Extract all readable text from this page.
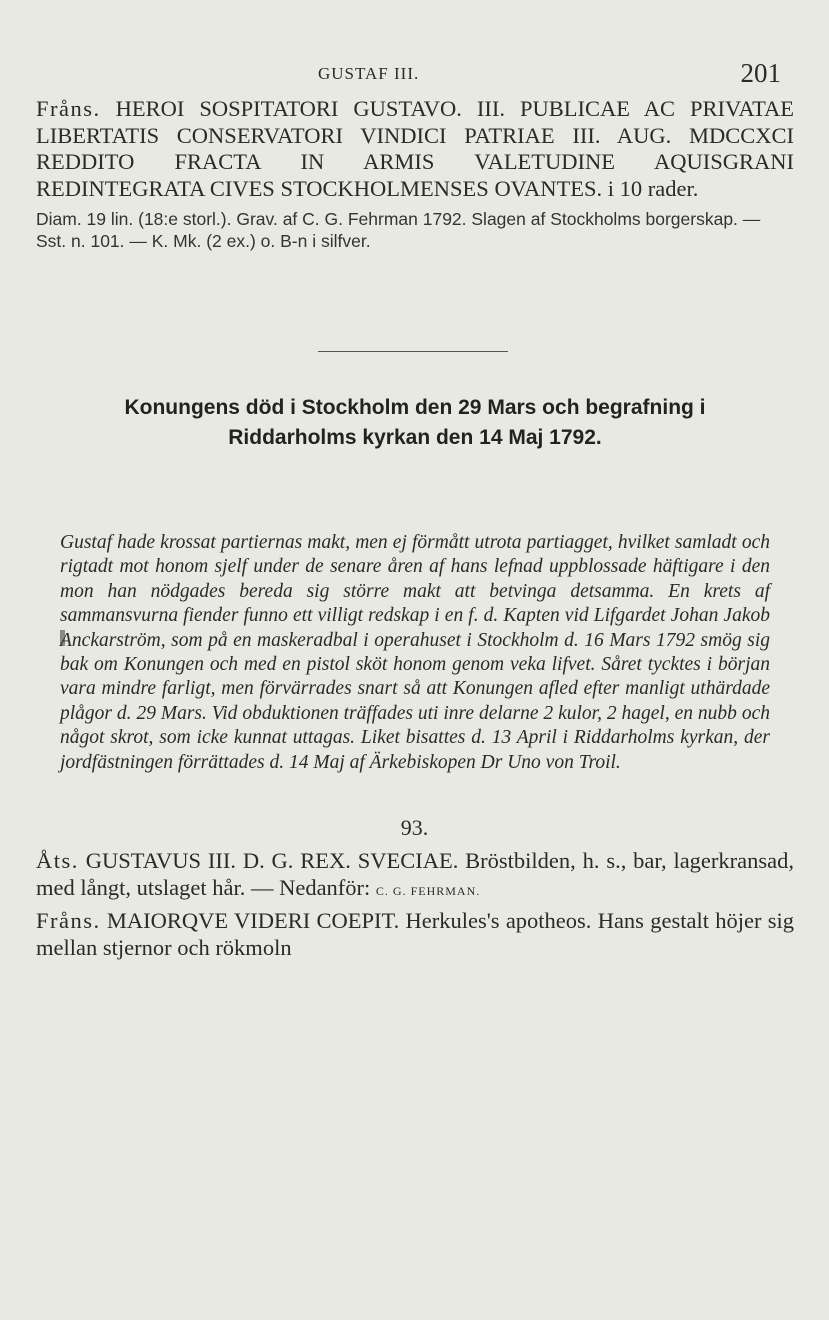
GUSTAF III.	201

Fråns. HEROI SOSPITATORI GUSTAVO. III. PUBLICAE AC PRIVATAE LIBERTATIS CONSERVATORI VINDICI PATRIAE III. AUG. MDCCXCI REDDITO FRACTA IN ARMIS VALETUDINE AQUISGRANI REDINTEGRATA CIVES STOCKHOLMENSES OVANTES. i 10 rader.

Diam. 19 lin. (18:e storl.). Grav. af C. G. Fehrman 1792. Slagen af Stockholms borgerskap. — Sst. n. 101. — K. Mk. (2 ex.) o. B-n i silfver.

Konungens död i Stockholm den 29 Mars och begrafning i Riddarholms kyrkan den 14 Maj 1792.

Gustaf hade krossat partiernas makt, men ej förmått utrota partiagget, hvilket samladt och rigtadt mot honom sjelf under de senare åren af hans lefnad uppblossade häftigare i den mon han nödgades bereda sig större makt att betvinga detsamma. En krets af sammansvurna fiender funno ett villigt redskap i en f. d. Kapten vid Lifgardet Johan Jakob Anckarström, som på en maskeradbal i operahuset i Stockholm d. 16 Mars 1792 smög sig bak om Konungen och med en pistol sköt honom genom veka lifvet. Såret tycktes i början vara mindre farligt, men förvärrades snart så att Konungen afled efter manligt uthärdade plågor d. 29 Mars. Vid obduktionen träffades uti inre delarne 2 kulor, 2 hagel, en nubb och något skrot, som icke kunnat uttagas. Liket bisattes d. 13 April i Riddarholms kyrkan, der jordfästningen förrättades d. 14 Maj af Ärkebiskopen Dr Uno von Troil.

93.

Åts. GUSTAVUS III. D. G. REX. SVECIAE. Bröstbilden, h. s., bar, lagerkransad, med långt, utslaget hår. — Nedanför: C. G. FEHRMAN.

Fråns. MAIORQVE VIDERI COEPIT. Herkules's apotheos. Hans gestalt höjer sig mellan stjernor och rökmoln
